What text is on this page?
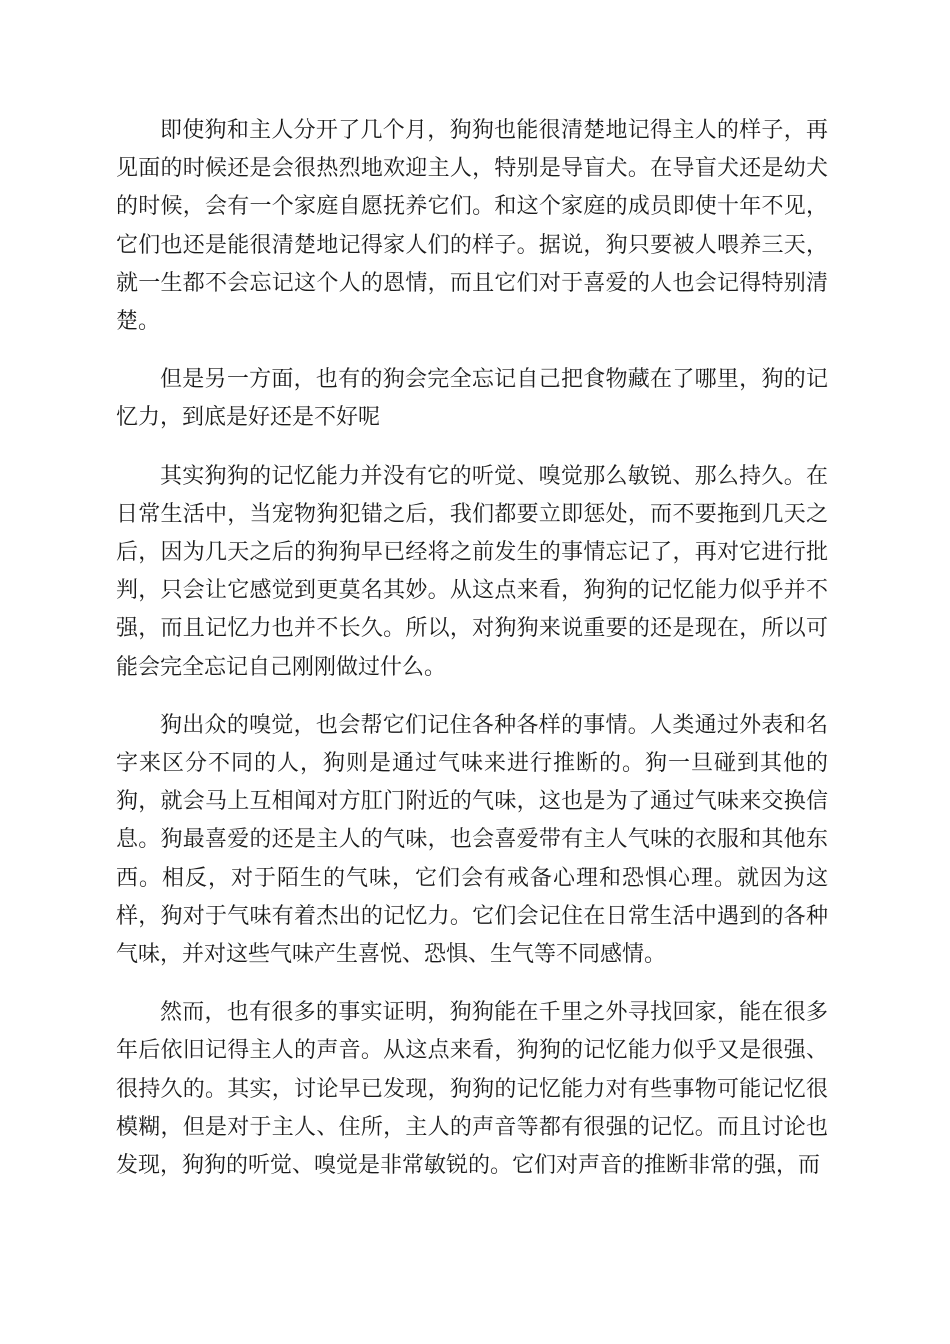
即使狗和主人分开了几个月，狗狗也能很清楚地记得主人的样子，再见面的时候还是会很热烈地欢迎主人，特别是导盲犬。在导盲犬还是幼犬的时候，会有一个家庭自愿抚养它们。和这个家庭的成员即使十年不见，它们也还是能很清楚地记得家人们的样子。据说，狗只要被人喂养三天，就一生都不会忘记这个人的恩情，而且它们对于喜爱的人也会记得特别清楚。

但是另一方面，也有的狗会完全忘记自己把食物藏在了哪里，狗的记忆力，到底是好还是不好呢

其实狗狗的记忆能力并没有它的听觉、嗅觉那么敏锐、那么持久。在日常生活中，当宠物狗犯错之后，我们都要立即惩处，而不要拖到几天之后，因为几天之后的狗狗早已经将之前发生的事情忘记了，再对它进行批判，只会让它感觉到更莫名其妙。从这点来看，狗狗的记忆能力似乎并不强，而且记忆力也并不长久。所以，对狗狗来说重要的还是现在，所以可能会完全忘记自己刚刚做过什么。

狗出众的嗅觉，也会帮它们记住各种各样的事情。人类通过外表和名字来区分不同的人，狗则是通过气味来进行推断的。狗一旦碰到其他的狗，就会马上互相闻对方肛门附近的气味，这也是为了通过气味来交换信息。狗最喜爱的还是主人的气味，也会喜爱带有主人气味的衣服和其他东西。相反，对于陌生的气味，它们会有戒备心理和恐惧心理。就因为这样，狗对于气味有着杰出的记忆力。它们会记住在日常生活中遇到的各种气味，并对这些气味产生喜悦、恐惧、生气等不同感情。

然而，也有很多的事实证明，狗狗能在千里之外寻找回家，能在很多年后依旧记得主人的声音。从这点来看，狗狗的记忆能力似乎又是很强、很持久的。其实，讨论早已发现，狗狗的记忆能力对有些事物可能记忆很模糊，但是对于主人、住所，主人的声音等都有很强的记忆。而且讨论也发现，狗狗的听觉、嗅觉是非常敏锐的。它们对声音的推断非常的强，而
